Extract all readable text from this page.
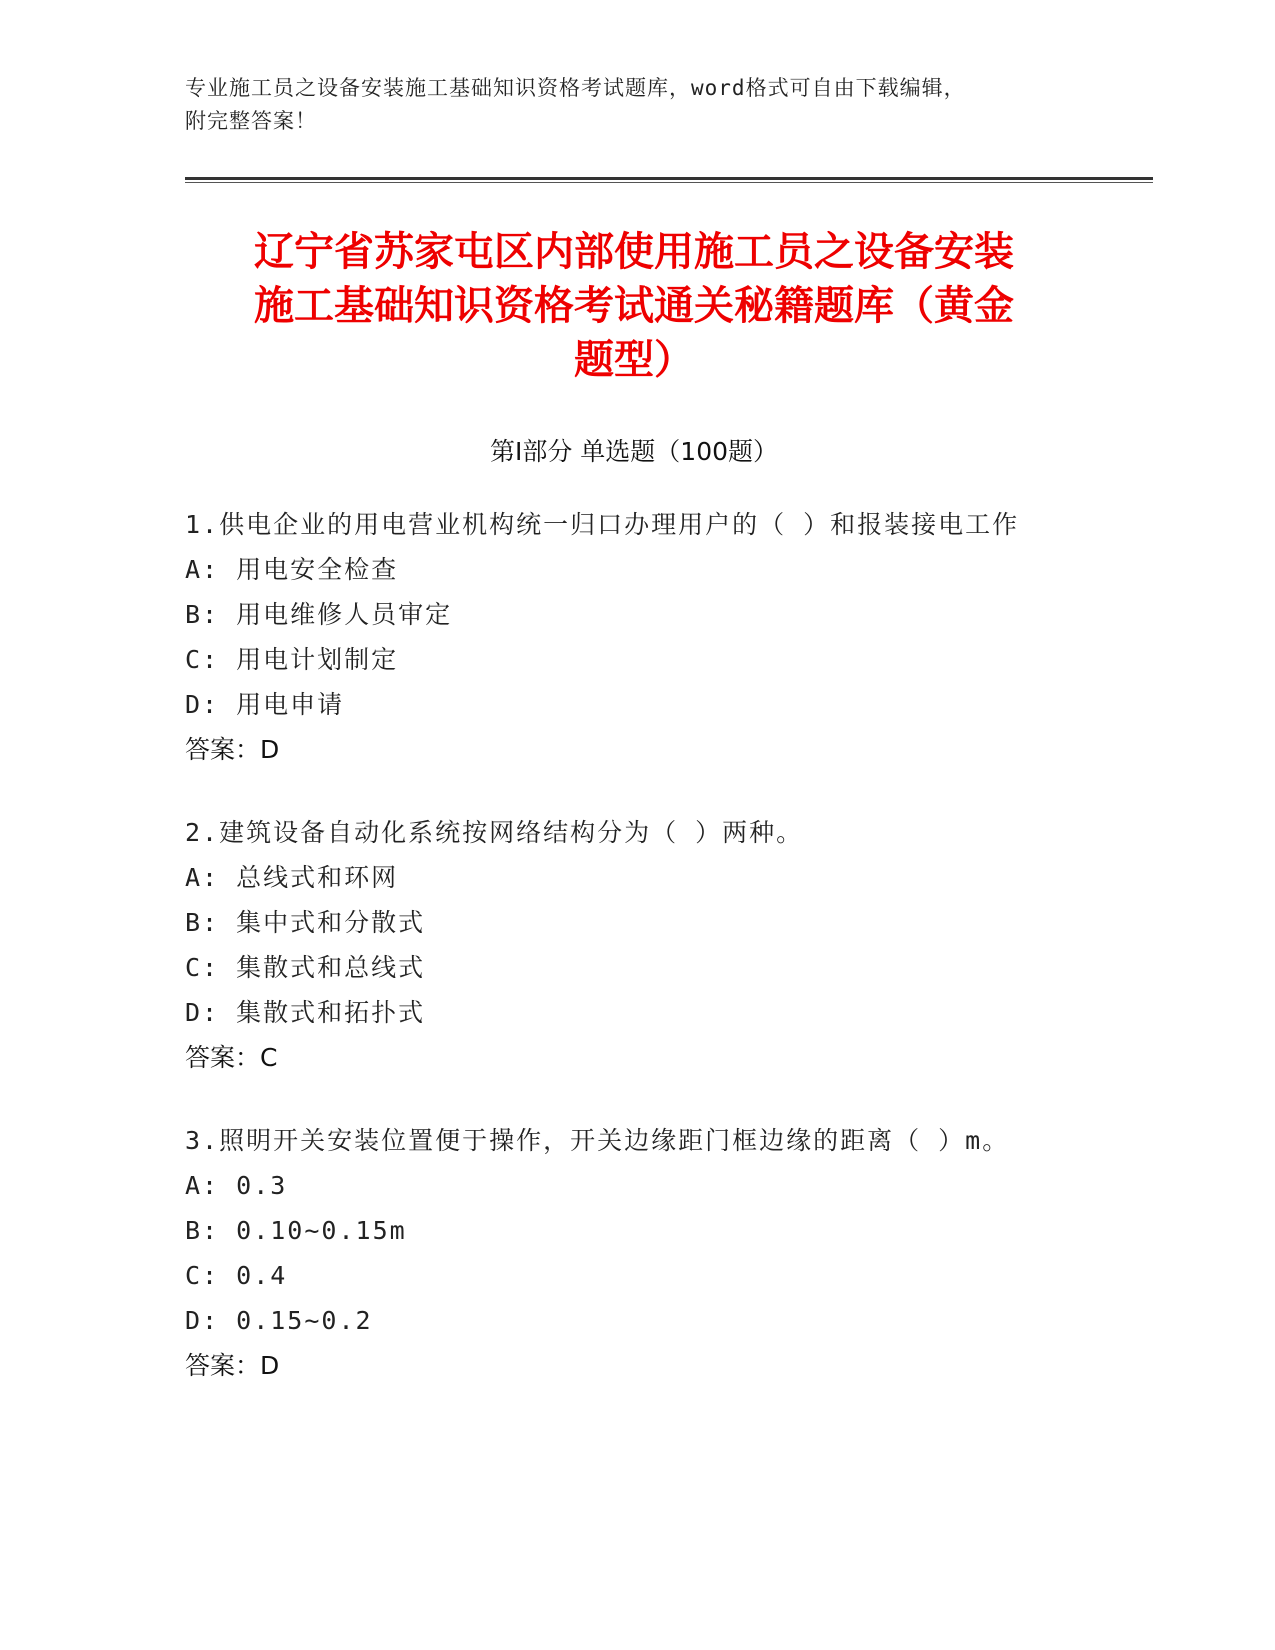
专业施工员之设备安装施工基础知识资格考试题库，word格式可自由下载编辑，
附完整答案！
辽宁省苏家屯区内部使用施工员之设备安装
施工基础知识资格考试通关秘籍题库（黄金
题型）
第Ⅰ部分 单选题（100题）
1.供电企业的用电营业机构统一归口办理用户的（ ）和报装接电工作
A: 用电安全检查
B: 用电维修人员审定
C: 用电计划制定
D: 用电申请
答案：D
2.建筑设备自动化系统按网络结构分为（ ）两种。
A: 总线式和环网
B: 集中式和分散式
C: 集散式和总线式
D: 集散式和拓扑式
答案：C
3.照明开关安装位置便于操作，开关边缘距门框边缘的距离（ ）m。
A: 0.3
B: 0.10~0.15m
C: 0.4
D: 0.15~0.2
答案：D
